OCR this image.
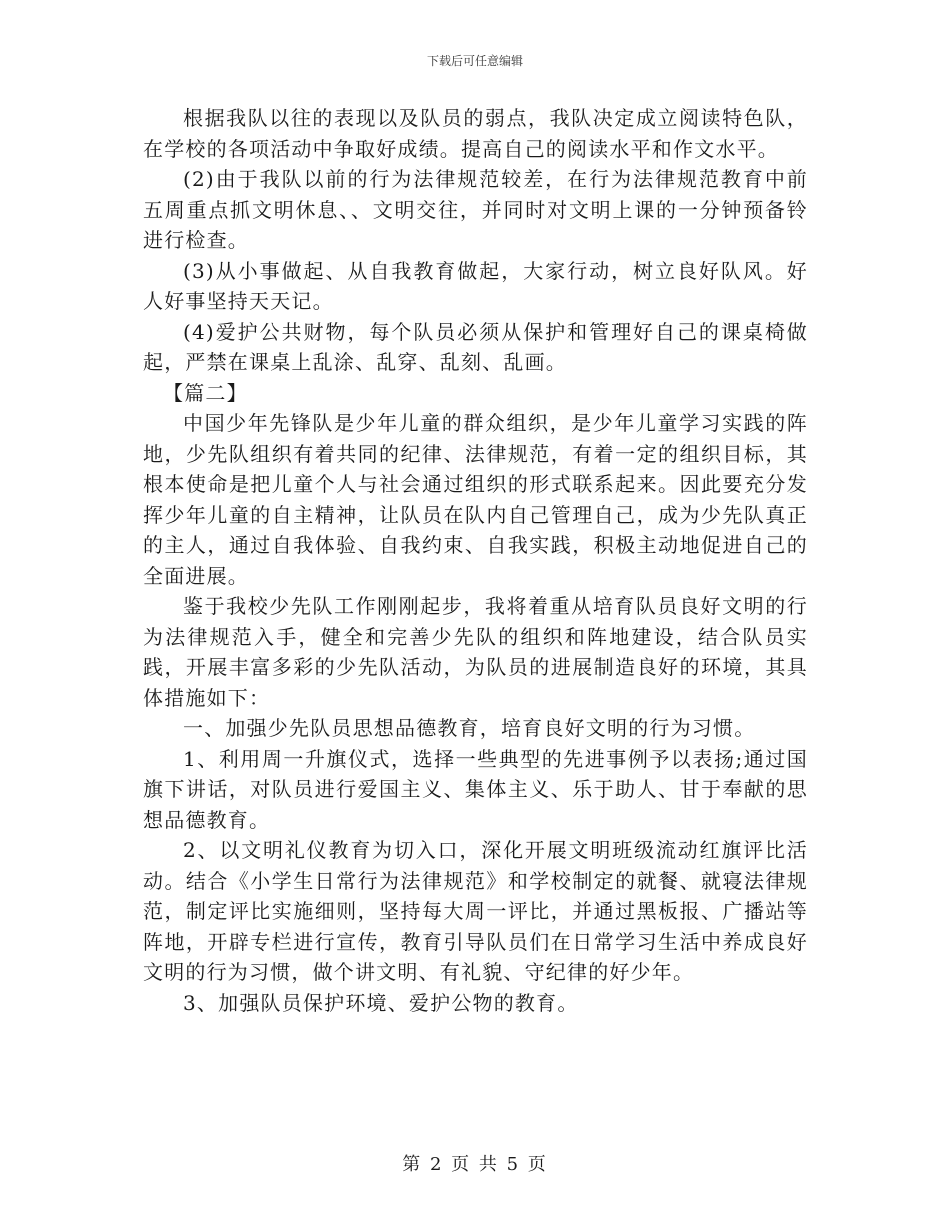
下载后可任意编辑

根据我队以往的表现以及队员的弱点，我队决定成立阅读特色队，在学校的各项活动中争取好成绩。提高自己的阅读水平和作文水平。

(2)由于我队以前的行为法律规范较差，在行为法律规范教育中前五周重点抓文明休息、、文明交往，并同时对文明上课的一分钟预备铃进行检查。

(3)从小事做起、从自我教育做起，大家行动，树立良好队风。好人好事坚持天天记。

(4)爱护公共财物，每个队员必须从保护和管理好自己的课桌椅做起，严禁在课桌上乱涂、乱穿、乱刻、乱画。

【篇二】

中国少年先锋队是少年儿童的群众组织，是少年儿童学习实践的阵地，少先队组织有着共同的纪律、法律规范，有着一定的组织目标，其根本使命是把儿童个人与社会通过组织的形式联系起来。因此要充分发挥少年儿童的自主精神，让队员在队内自己管理自己，成为少先队真正的主人，通过自我体验、自我约束、自我实践，积极主动地促进自己的全面进展。

鉴于我校少先队工作刚刚起步，我将着重从培育队员良好文明的行为法律规范入手，健全和完善少先队的组织和阵地建设，结合队员实践，开展丰富多彩的少先队活动，为队员的进展制造良好的环境，其具体措施如下：

一、加强少先队员思想品德教育，培育良好文明的行为习惯。

1、利用周一升旗仪式，选择一些典型的先进事例予以表扬;通过国旗下讲话，对队员进行爱国主义、集体主义、乐于助人、甘于奉献的思想品德教育。

2、以文明礼仪教育为切入口，深化开展文明班级流动红旗评比活动。结合《小学生日常行为法律规范》和学校制定的就餐、就寝法律规范，制定评比实施细则，坚持每大周一评比，并通过黑板报、广播站等阵地，开辟专栏进行宣传，教育引导队员们在日常学习生活中养成良好文明的行为习惯，做个讲文明、有礼貌、守纪律的好少年。

3、加强队员保护环境、爱护公物的教育。

第 2 页 共 5 页
